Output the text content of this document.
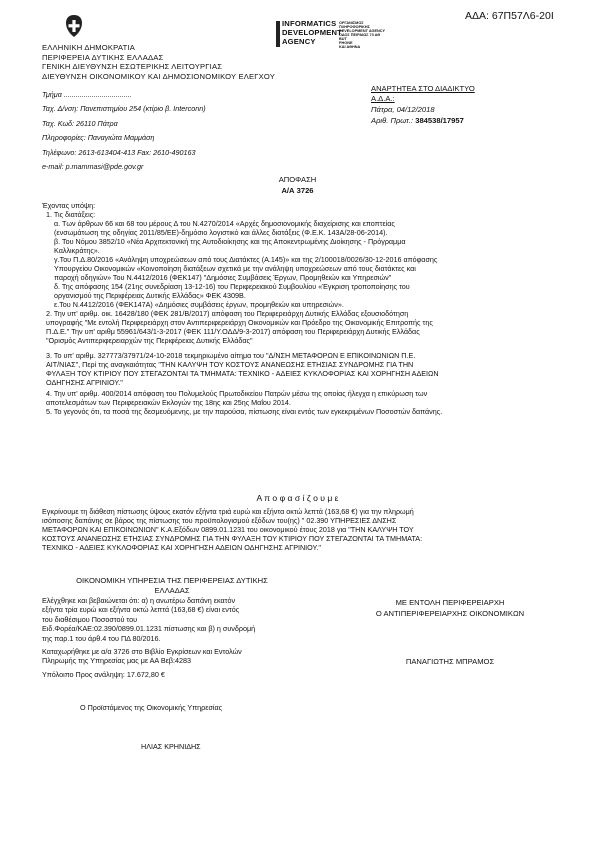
ΑΔΑ: 67Π57Λ6-20Ι
INFORMATICS
DEVELOPMENT
AGENCY
ΟΡΓΑΝΙΣΜΟΣ
ΠΛΗΡΟΦΟΡΙΚΗΣ
DEVELOPMENT AGENCY
ΟΔΟΣ ΠΕΙΡΑΙΩΣ 73 ΑΘ
BUT
PHONE
ΚΑΙ ΑΘΗΝΑ
ΕΛΛΗΝΙΚΗ ΔΗΜΟΚΡΑΤΙΑ
ΠΕΡΙΦΕΡΕΙΑ ΔΥΤΙΚΗΣ ΕΛΛΑΔΑΣ
ΓΕΝΙΚΗ ΔΙΕΥΘΥΝΣΗ ΕΣΩΤΕΡΙΚΗΣ ΛΕΙΤΟΥΡΓΙΑΣ
ΔΙΕΥΘΥΝΣΗ ΟΙΚΟΝΟΜΙΚΟΥ ΚΑΙ ΔΗΜΟΣΙΟΝΟΜΙΚΟΥ ΕΛΕΓΧΟΥ
Τμήμα ..................................
Ταχ. Δ/νση: Πανεπιστημίου 254 (κτίριο β. Interconn)
Ταχ. Κωδ: 26110 Πάτρα
Πληροφορίες: Παναγιώτα Μαμμάση
Τηλέφωνο: 2613-613404-413 Fax: 2610-490163
e-mail: p.mammasi@pde.gov.gr
ΑΝΑΡΤΗΤΕΑ ΣΤΟ ΔΙΑΔΙΚΤΥΟ
Α.Δ.Α.:
Πάτρα, 04/12/2018
Αριθ. Πρωτ.: 384538/17957
ΑΠΟΦΑΣΗ
Α/Α 3726
Έχοντας υπόψη:
1. Τις διατάξεις:
α. Των άρθρων 66 και 68 του μέρους Δ του Ν.4270/2014 «Αρχές δημοσιονομικής διαχείρισης και εποπτείας
(ενσωμάτωση της οδηγίας 2011/85/ΕΕ)-δημόσιο λογιστικό και άλλες διατάξεις (Φ.Ε.Κ. 143Α/28-06-2014).
β. Του Νόμου 3852/10 «Νέα Αρχιτεκτονική της Αυτοδιοίκησης και της Αποκεντρωμένης Διοίκησης - Πρόγραμμα
Καλλικράτης».
γ.Του Π.Δ.80/2016 «Ανάληψη υποχρεώσεων από τους Διατάκτες (Α.145)» και της 2/100018/0026/30-12-2016 απόφασης
Υπουργείου Οικονομικών «Κοινοποίηση διατάξεων σχετικά με την ανάληψη υποχρεώσεων από τους διατάκτες και
παροχή οδηγιών» Του Ν.4412/2016 (ΦΕΚ147) "Δημόσιες Συμβάσεις Έργων, Προμηθειών και Υπηρεσιών"
δ. Της απόφασης 154 (21ης συνεδρίαση 13-12-16) του Περιφερειακού Συμβουλίου «Έγκριση τροποποίησης του
οργανισμού της Περιφέρειας Δυτικής Ελλάδας» ΦΕΚ 4309Β.
ε.Του Ν.4412/2016 (ΦΕΚ147Α) «Δημόσιες συμβάσεις έργων, προμηθειών και υπηρεσιών».
2. Την υπ' αριθμ. οικ. 16428/180 (ΦΕΚ 281/Β/2017) απόφαση του Περιφερειάρχη Δυτικής Ελλάδας εξουσιοδότηση
υπογραφής "Με εντολή Περιφερειάρχη στον Αντιπεριφερειάρχη Οικονομικών και Πρόεδρο της Οικονομικής Επιτροπής της
Π.Δ.Ε." Την υπ' αριθμ 55961/643/1-3-2017 (ΦΕΚ 111/Υ.ΟΔΔ/9-3-2017) απόφαση του Περιφερειάρχη Δυτικής Ελλάδας
"Ορισμός Αντιπεριφερειαρχών της Περιφέρειας Δυτικής Ελλάδας"
3. Το υπ' αριθμ. 327773/37971/24-10-2018 τεκμηριωμένο αίτημα του "Δ/ΝΣΗ ΜΕΤΑΦΟΡΩΝ Ε ΕΠΙΚΟΙΝΩΝΙΩΝ Π.Ε.
ΑΙΤ/ΝΙΑΣ", Περί της αναγκαιότητας "ΤΗΝ ΚΑΛΥΨΗ ΤΟΥ ΚΟΣΤΟΥΣ ΑΝΑΝΕΩΣΗΣ ΕΤΗΣΙΑΣ ΣΥΝΔΡΟΜΗΣ ΓΙΑ ΤΗΝ
ΦΥΛΑΞΗ ΤΟΥ ΚΤΙΡΙΟΥ ΠΟΥ ΣΤΕΓΑΖΟΝΤΑΙ ΤΑ ΤΜΗΜΑΤΑ: ΤΕΧΝΙΚΟ - ΑΔΕΙΕΣ ΚΥΚΛΟΦΟΡΙΑΣ ΚΑΙ ΧΟΡΗΓΗΣΗ ΑΔΕΙΩΝ
ΟΔΗΓΗΣΗΣ ΑΓΡΙΝΙΟΥ."
4. Την υπ' αριθμ. 400/2014 απόφαση του Πολυμελούς Πρωτοδικείου Πατρών μέσω της οποίας ήλεγχα η επικύρωση των
αποτελεσμάτων των Περιφερειακών Εκλογών της 18ης και 25ης Μαΐου 2014.
5. Το γεγονός ότι, τα ποσά της δεσμευόμενης, με την παρούσα, πίστωσης είναι εντός των εγκεκριμένων Ποσοστών δαπάνης.
Α π ο φ α σ ί ζ ο υ μ ε
Εγκρίνουμε τη διάθεση πίστωσης ύψους εκατόν εξήντα τριά ευρώ και εξήντα οκτώ λεπτά (163,68 €) για την πληρωμή
ισόποσης δαπάνης σε βάρος της πίστωσης του προϋπολογισμού εξόδων του(ης) " 02.390 ΥΠΗΡΕΣΙΕΣ ΔΝΣΗΣ
ΜΕΤΑΦΟΡΩΝ ΚΑΙ ΕΠΙΚΟΙΝΩΝΙΩΝ" Κ.Α.Εξόδων 0899.01.1231 του οικονομικού έτους 2018 για "ΤΗΝ ΚΑΛΥΨΗ ΤΟΥ
ΚΟΣΤΟΥΣ ΑΝΑΝΕΩΣΗΣ ΕΤΗΣΙΑΣ ΣΥΝΔΡΟΜΗΣ ΓΙΑ ΤΗΝ ΦΥΛΑΞΗ ΤΟΥ ΚΤΙΡΙΟΥ ΠΟΥ ΣΤΕΓΑΖΟΝΤΑΙ ΤΑ ΤΜΗΜΑΤΑ:
ΤΕΧΝΙΚΟ - ΑΔΕΙΕΣ ΚΥΚΛΟΦΟΡΙΑΣ ΚΑΙ ΧΟΡΗΓΗΣΗ ΑΔΕΙΩΝ ΟΔΗΓΗΣΗΣ ΑΓΡΙΝΙΟΥ."
ΟΙΚΟΝΟΜΙΚΗ ΥΠΗΡΕΣΙΑ ΤΗΣ ΠΕΡΙΦΕΡΕΙΑΣ ΔΥΤΙΚΗΣ
ΕΛΛΑΔΑΣ
Ελέγχθηκε και βεβαιώνεται ότι: α) η ανωτέρω δαπάνη εκατόν
εξήντα τρία ευρώ και εξήντα οκτώ λεπτά (163,68 €) είναι εντός
του διαθέσιμου Ποσοστού του
Ειδ.Φορέα/ΚΑΕ:02.390/0899.01.1231 πίστωσης και β) η συνδρομή
της παρ.1 του άρθ.4 του ΠΔ 80/2016.
Καταχωρήθηκε με α/α 3726 στο Βιβλίο Εγκρίσεων και Εντολών
Πληρωμής της Υπηρεσίας μας με ΑΑ Βεβ:4283
Υπόλοιπο Προς ανάληψη: 17.672,80 €
Ο Προϊστάμενος της Οικονομικής Υπηρεσίας
ΗΛΙΑΣ ΚΡΗΝΙΔΗΣ
ΜΕ ΕΝΤΟΛΗ ΠΕΡΙΦΕΡΕΙΑΡΧΗ
Ο ΑΝΤΙΠΕΡΙΦΕΡΕΙΑΡΧΗΣ ΟΙΚΟΝΟΜΙΚΩΝ
ΠΑΝΑΓΙΩΤΗΣ ΜΠΡΑΜΟΣ
